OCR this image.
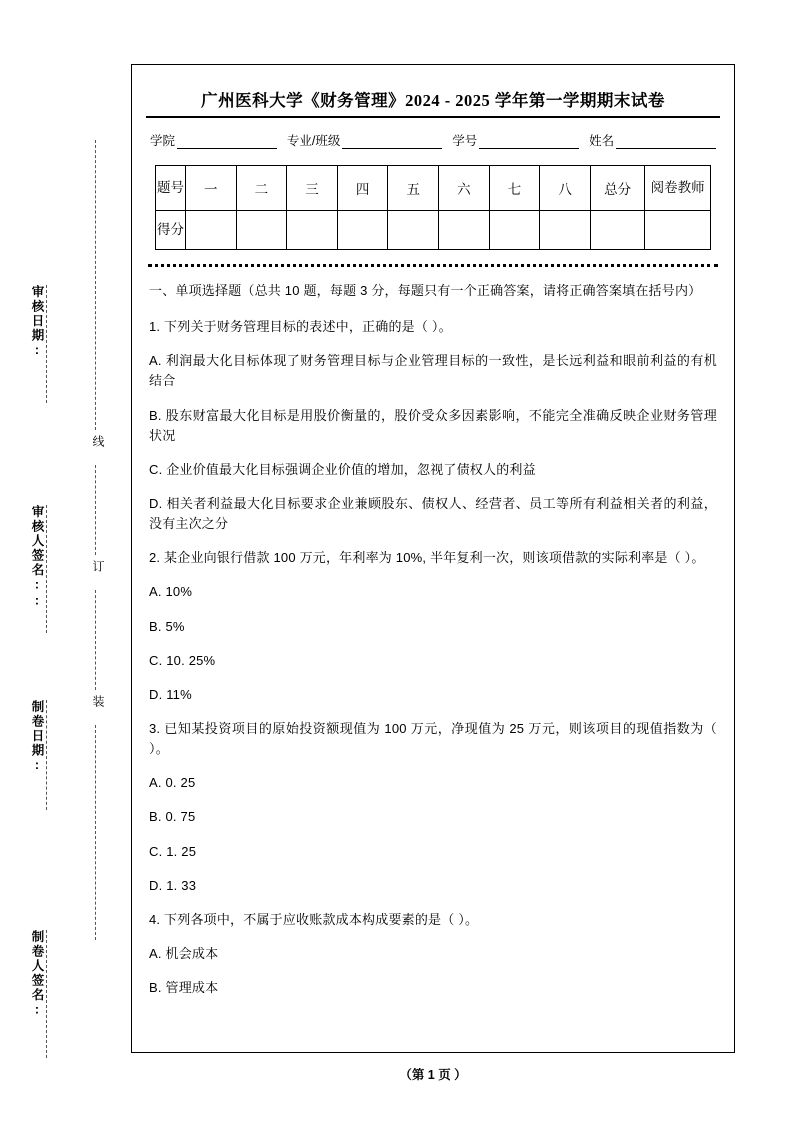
审核日期:
审核人签名::
制卷日期:
制卷人签名:
线
订
装
广州医科大学《财务管理》2024 - 2025 学年第一学期期末试卷
学院	专业/班级	学号	姓名
题号	一	二	三	四	五	六	七	八	总分	阅卷教师
得分										

一、单项选择题（总共 10 题，每题 3 分，每题只有一个正确答案，请将正确答案填在括号内）

1. 下列关于财务管理目标的表述中，正确的是（ ）。

A. 利润最大化目标体现了财务管理目标与企业管理目标的一致性，是长远利益和眼前利益的有机结合

B. 股东财富最大化目标是用股价衡量的，股价受众多因素影响，不能完全准确反映企业财务管理状况

C. 企业价值最大化目标强调企业价值的增加，忽视了债权人的利益

D. 相关者利益最大化目标要求企业兼顾股东、债权人、经营者、员工等所有利益相关者的利益，没有主次之分

2. 某企业向银行借款 100 万元，年利率为 10%, 半年复利一次，则该项借款的实际利率是（ ）。

A. 10%

B. 5%

C. 10. 25%

D. 11%

3. 已知某投资项目的原始投资额现值为 100 万元，净现值为 25 万元，则该项目的现值指数为（ ）。

A. 0. 25

B. 0. 75

C. 1. 25

D. 1. 33

4. 下列各项中，不属于应收账款成本构成要素的是（ ）。

A. 机会成本

B. 管理成本

（第 1 页 ）
